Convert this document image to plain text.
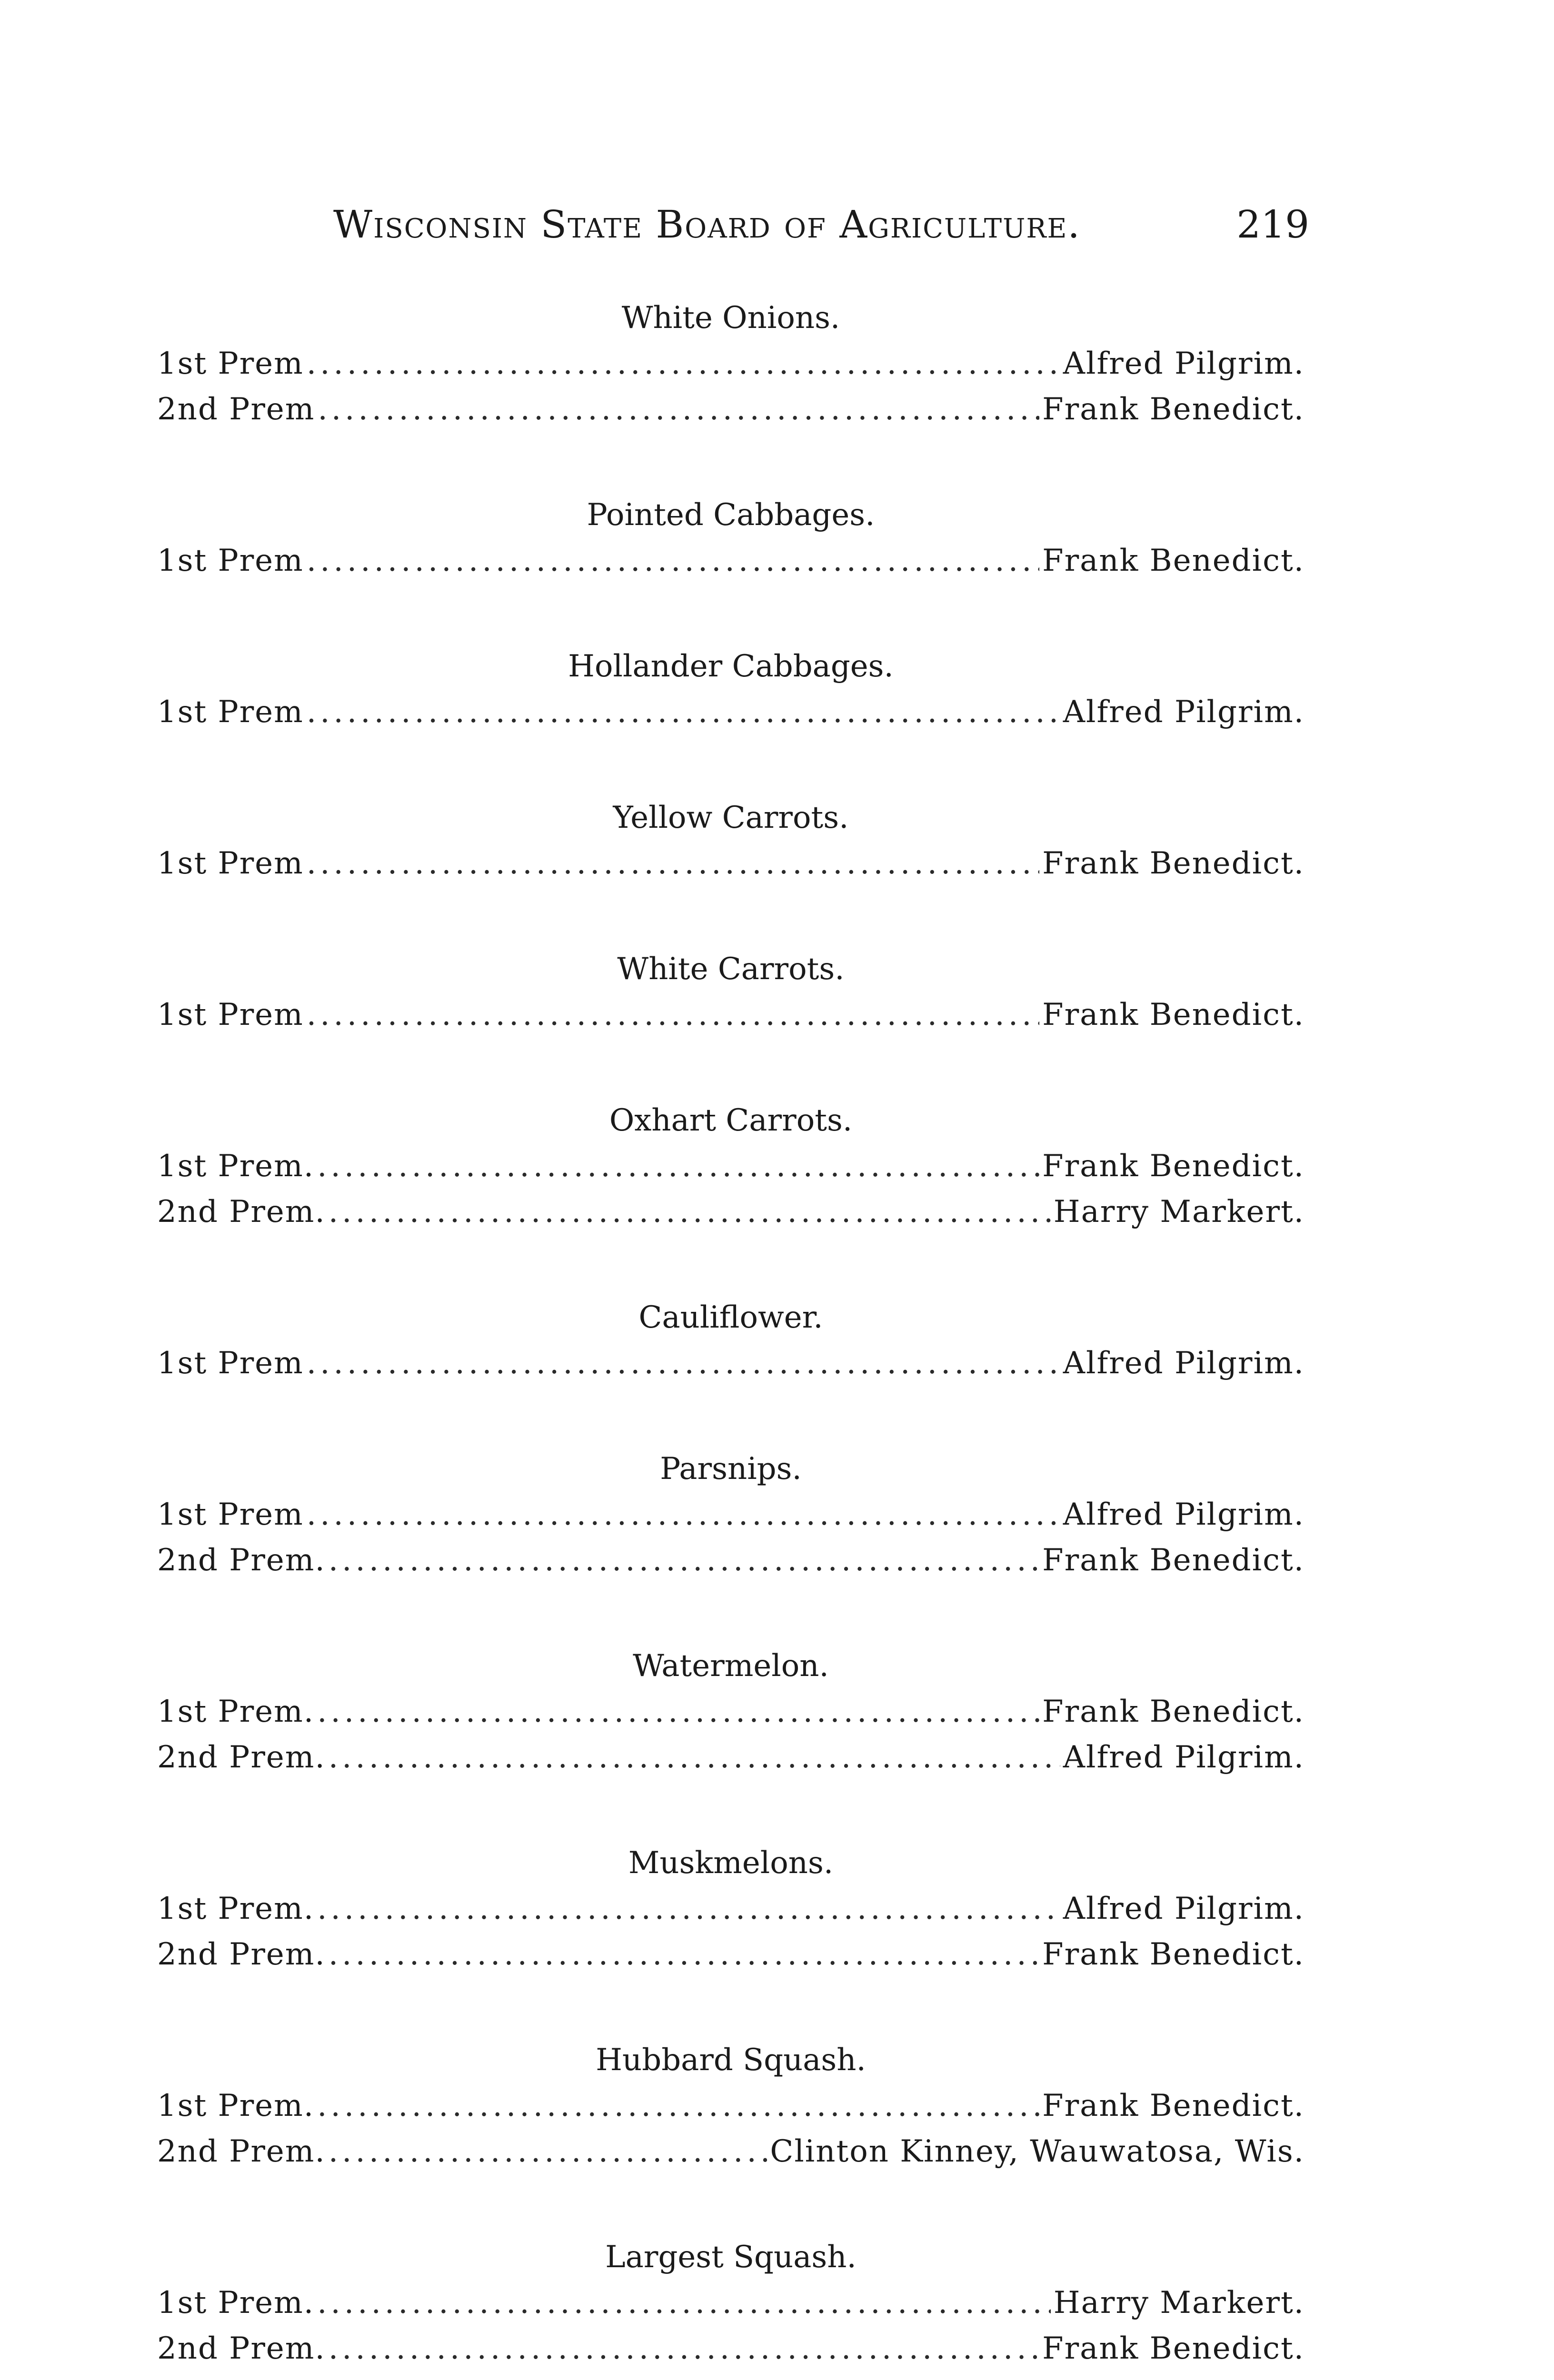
Wisconsin State Board of Agriculture.	219
White Onions.
1st Prem .....	Alfred Pilgrim.
2nd Prem .....	Frank Benedict.
Pointed Cabbages.
1st Prem .....	Frank Benedict.
Hollander Cabbages.
1st Prem .....	Alfred Pilgrim.
Yellow Carrots.
1st Prem .....	Frank Benedict.
White Carrots.
1st Prem .....	Frank Benedict.
Oxhart Carrots.
1st Prem. .....	Frank Benedict.
2nd Prem. .....	Harry Markert.
Cauliflower.
1st Prem .....	Alfred Pilgrim.
Parsnips.
1st Prem .....	Alfred Pilgrim.
2nd Prem. .....	Frank Benedict.
Watermelon.
1st Prem. .....	Frank Benedict.
2nd Prem. .....	Alfred Pilgrim.
Muskmelons.
1st Prem. .....	Alfred Pilgrim.
2nd Prem. .....	Frank Benedict.
Hubbard Squash.
1st Prem. .....	Frank Benedict.
2nd Prem. .....	Clinton Kinney, Wauwatosa, Wis.
Largest Squash.
1st Prem. .....	Harry Markert.
2nd Prem. .....	Frank Benedict.
